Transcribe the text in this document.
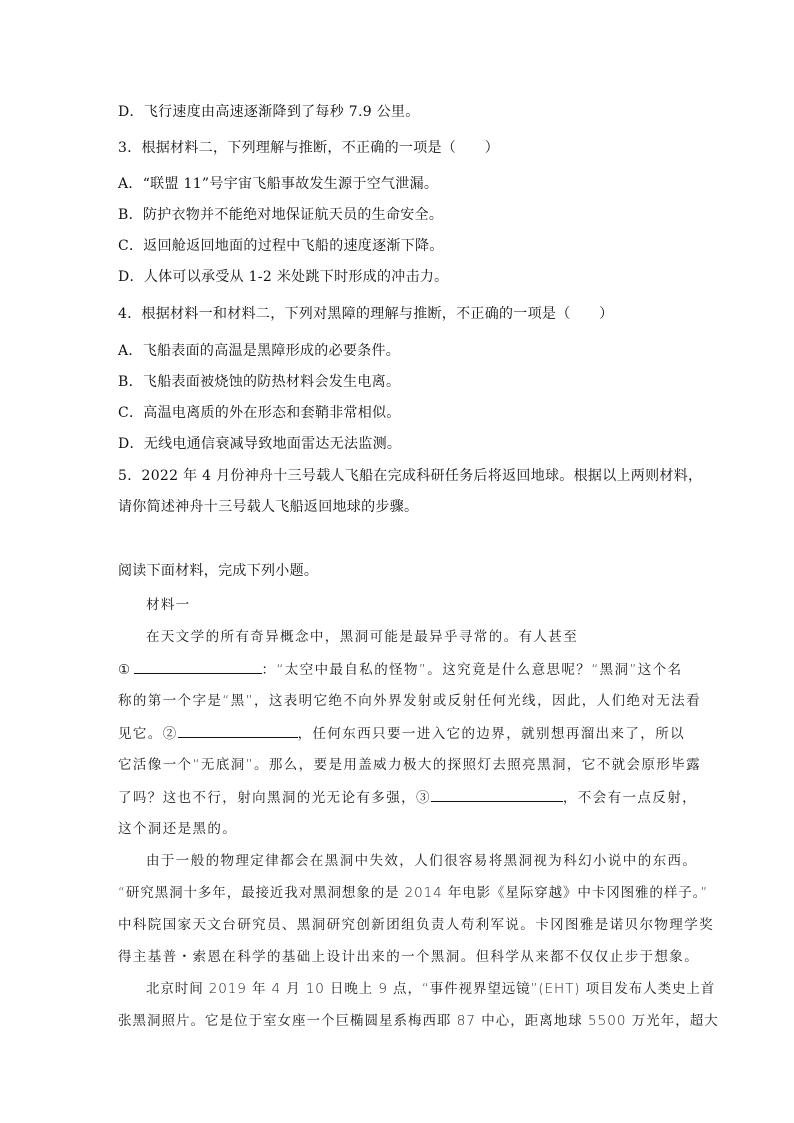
D．飞行速度由高速逐渐降到了每秒 7.9 公里。
3．根据材料二，下列理解与推断，不正确的一项是（　　）
A．“联盟 11”号宇宙飞船事故发生源于空气泄漏。
B．防护衣物并不能绝对地保证航天员的生命安全。
C．返回舱返回地面的过程中飞船的速度逐渐下降。
D．人体可以承受从 1-2 米处跳下时形成的冲击力。
4．根据材料一和材料二，下列对黑障的理解与推断，不正确的一项是（　　）
A．飞船表面的高温是黑障形成的必要条件。
B．飞船表面被烧蚀的防热材料会发生电离。
C．高温电离质的外在形态和套鞘非常相似。
D．无线电通信衰减导致地面雷达无法监测。
5．2022 年 4 月份神舟十三号载人飞船在完成科研任务后将返回地球。根据以上两则材料，
请你简述神舟十三号载人飞船返回地球的步骤。
阅读下面材料，完成下列小题。
材料一
在天文学的所有奇异概念中，黑洞可能是最异乎寻常的。有人甚至
①	：“太空中最自私的怪物”。这究竟是什么意思呢？“黑洞”这个名
称的第一个字是“黑”，这表明它绝不向外界发射或反射任何光线，因此，人们绝对无法看
见它。②	，任何东西只要一进入它的边界，就别想再溜出来了，所以
它活像一个“无底洞”。那么，要是用盖威力极大的探照灯去照亮黑洞，它不就会原形毕露
了吗？这也不行，射向黑洞的光无论有多强，③	，不会有一点反射，
这个洞还是黑的。
由于一般的物理定律都会在黑洞中失效，人们很容易将黑洞视为科幻小说中的东西。
“研究黑洞十多年，最接近我对黑洞想象的是 2014 年电影《星际穿越》中卡冈图雅的样子。”
中科院国家天文台研究员、黑洞研究创新团组负责人苟利军说。卡冈图雅是诺贝尔物理学奖
得主基普・索恩在科学的基础上设计出来的一个黑洞。但科学从来都不仅仅止步于想象。
北京时间 2019 年 4 月 10 日晚上 9 点，“事件视界望远镜”(EHT) 项目发布人类史上首
张黑洞照片。它是位于室女座一个巨椭圆星系梅西耶 87 中心，距离地球 5500 万光年，超大
